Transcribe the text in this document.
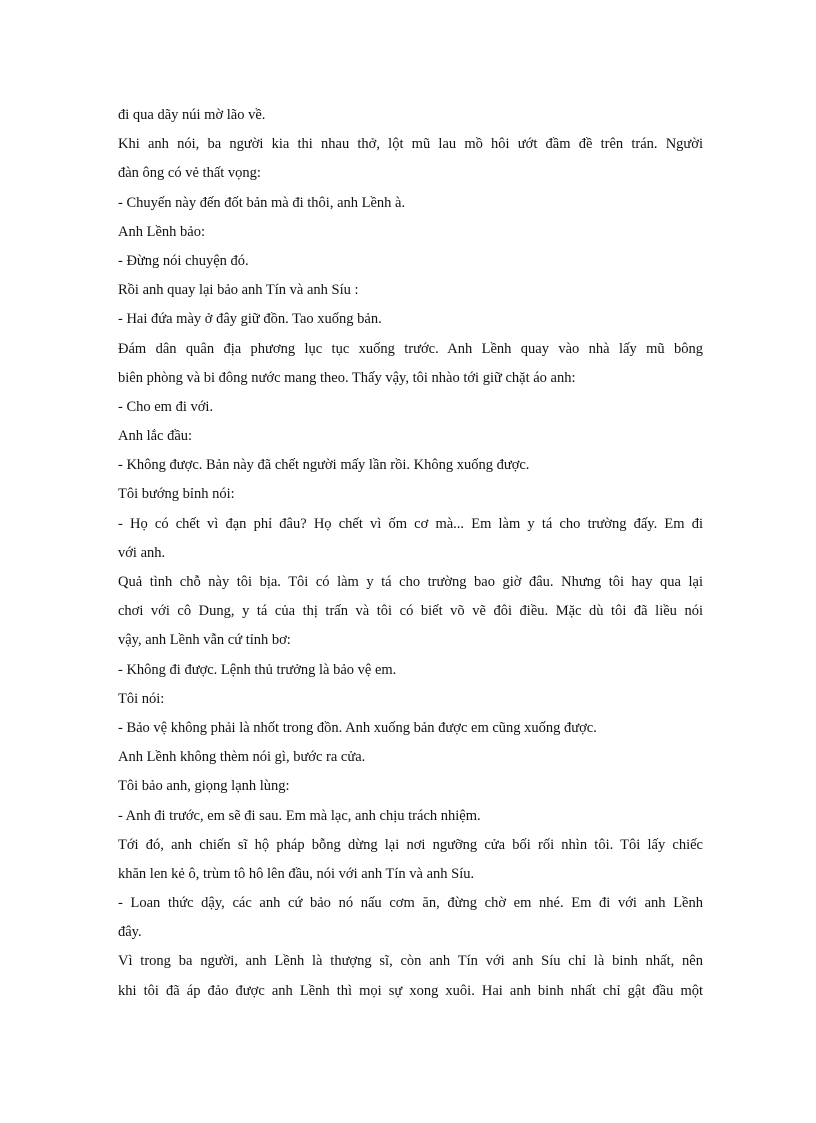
đi qua dãy núi mờ lão về.
Khi anh nói, ba người kia thi nhau thở, lột mũ lau mồ hôi ướt đầm đề trên trán. Người
đàn ông có vẻ thất vọng:
- Chuyến này đến đốt bản mà đi thôi, anh Lềnh à.
Anh Lềnh bảo:
- Đừng nói chuyện đó.
Rồi anh quay lại bảo anh Tín và anh Síu :
- Hai đứa mày ở đây giữ đồn. Tao xuống bản.
Đám dân quân địa phương lục tục xuống trước. Anh Lềnh quay vào nhà lấy mũ bông
biên phòng và bi đông nước mang theo. Thấy vậy, tôi nhào tới giữ chặt áo anh:
- Cho em đi với.
Anh lắc đầu:
- Không được. Bản này đã chết người mấy lần rồi. Không xuống được.
Tôi bướng bỉnh nói:
- Họ có chết vì đạn phỉ đâu? Họ chết vì ốm cơ mà... Em làm y tá cho trường đấy. Em đi
với anh.
Quả tình chỗ này tôi bịa. Tôi có làm y tá cho trường bao giờ đâu. Nhưng tôi hay qua lại
chơi với cô Dung, y tá của thị trấn và tôi có biết võ vẽ đôi điều. Mặc dù tôi đã liều nói
vậy, anh Lềnh vẫn cứ tỉnh bơ:
- Không đi được. Lệnh thủ trưởng là bảo vệ em.
Tôi nói:
- Bảo vệ không phải là nhốt trong đồn. Anh xuống bản được em cũng xuống được.
Anh Lềnh không thèm nói gì, bước ra cửa.
Tôi bảo anh, giọng lạnh lùng:
- Anh đi trước, em sẽ đi sau. Em mà lạc, anh chịu trách nhiệm.
Tới đó, anh chiến sĩ hộ pháp bỗng dừng lại nơi ngưỡng cửa bối rối nhìn tôi. Tôi lấy chiếc
khăn len kẻ ô, trùm tô hô lên đầu, nói với anh Tín và anh Síu.
- Loan thức dậy, các anh cứ bảo nó nấu cơm ăn, đừng chờ em nhé. Em đi với anh Lềnh
đây.
Vì trong ba người, anh Lềnh là thượng sĩ, còn anh Tín với anh Síu chỉ là binh nhất, nên
khi tôi đã áp đảo được anh Lềnh thì mọi sự xong xuôi. Hai anh binh nhất chỉ gật đầu một
